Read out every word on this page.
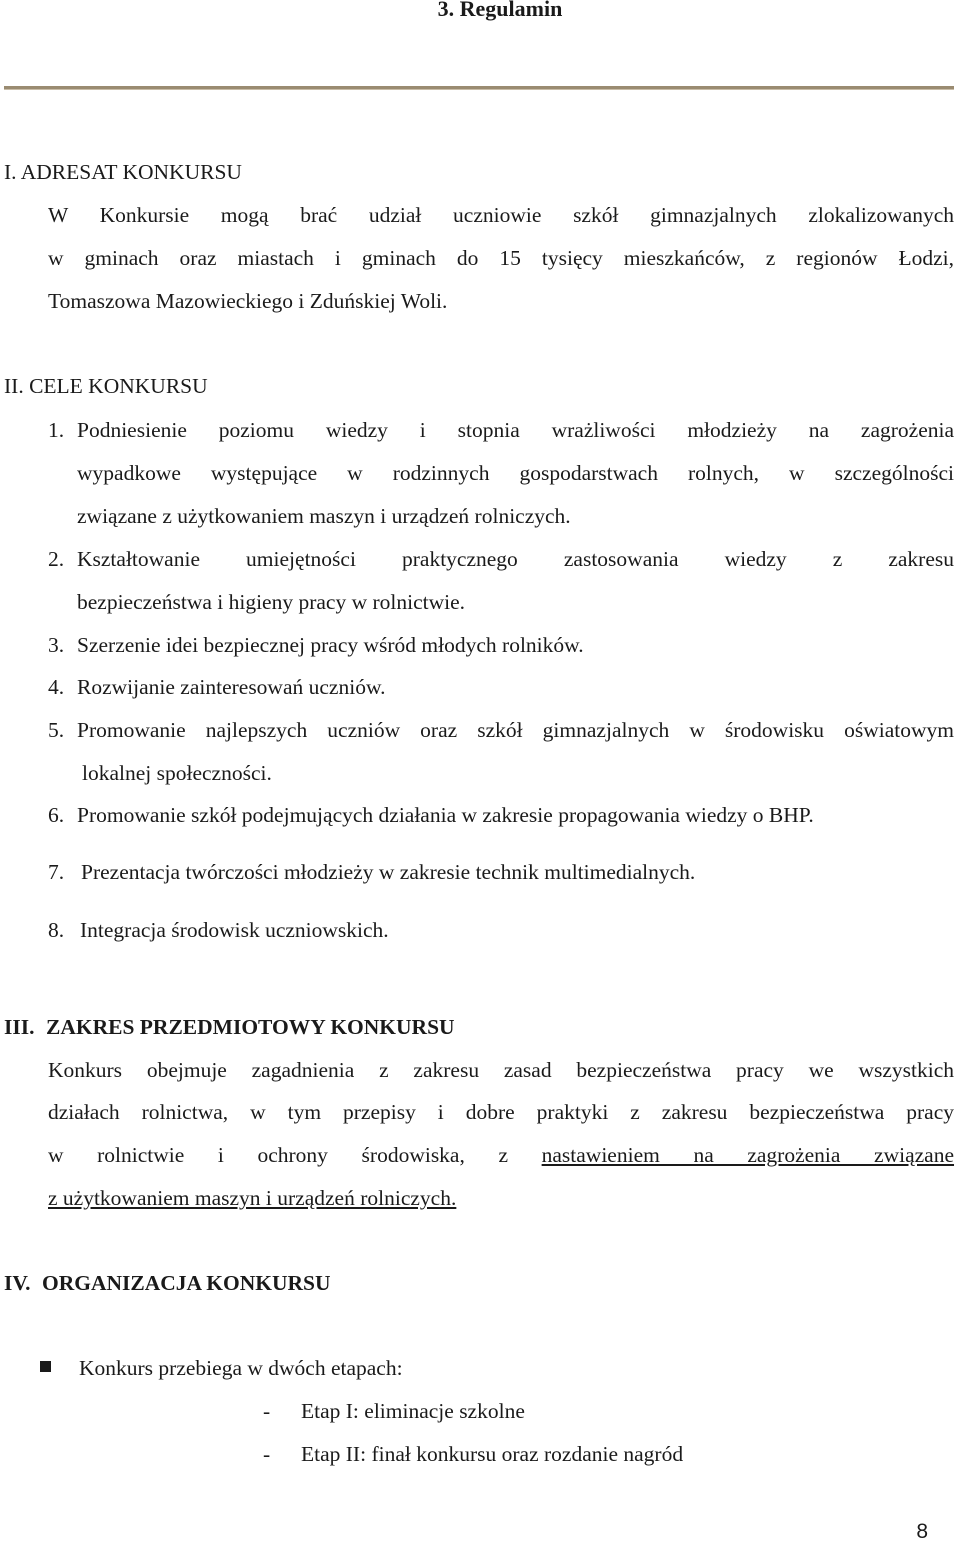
3. Regulamin
I. ADRESAT KONKURSU
W Konkursie mogą brać udział uczniowie szkół gimnazjalnych zlokalizowanych
w gminach oraz miastach i gminach do 15 tysięcy mieszkańców, z regionów Łodzi,
Tomaszowa Mazowieckiego i Zduńskiej Woli.
II. CELE KONKURSU
1. Podniesienie poziomu wiedzy i stopnia wrażliwości młodzieży na zagrożenia
wypadkowe występujące w rodzinnych gospodarstwach rolnych, w szczególności
związane z użytkowaniem maszyn i urządzeń rolniczych.
2. Kształtowanie umiejętności praktycznego zastosowania wiedzy z zakresu
bezpieczeństwa i higieny pracy w rolnictwie.
3. Szerzenie idei bezpiecznej pracy wśród młodych rolników.
4. Rozwijanie zainteresowań uczniów.
5. Promowanie najlepszych uczniów oraz szkół gimnazjalnych w środowisku oświatowym
lokalnej społeczności.
6. Promowanie szkół podejmujących działania w zakresie propagowania wiedzy o BHP.
7. Prezentacja twórczości młodzieży w zakresie technik multimedialnych.
8. Integracja środowisk uczniowskich.
III. ZAKRES PRZEDMIOTOWY KONKURSU
Konkurs obejmuje zagadnienia z zakresu zasad bezpieczeństwa pracy we wszystkich
działach rolnictwa, w tym przepisy i dobre praktyki z zakresu bezpieczeństwa pracy
w rolnictwie i ochrony środowiska, z nastawieniem na zagrożenia związane
z użytkowaniem maszyn i urządzeń rolniczych.
IV. ORGANIZACJA KONKURSU
Konkurs przebiega w dwóch etapach:
- Etap I: eliminacje szkolne
- Etap II: finał konkursu oraz rozdanie nagród
8
